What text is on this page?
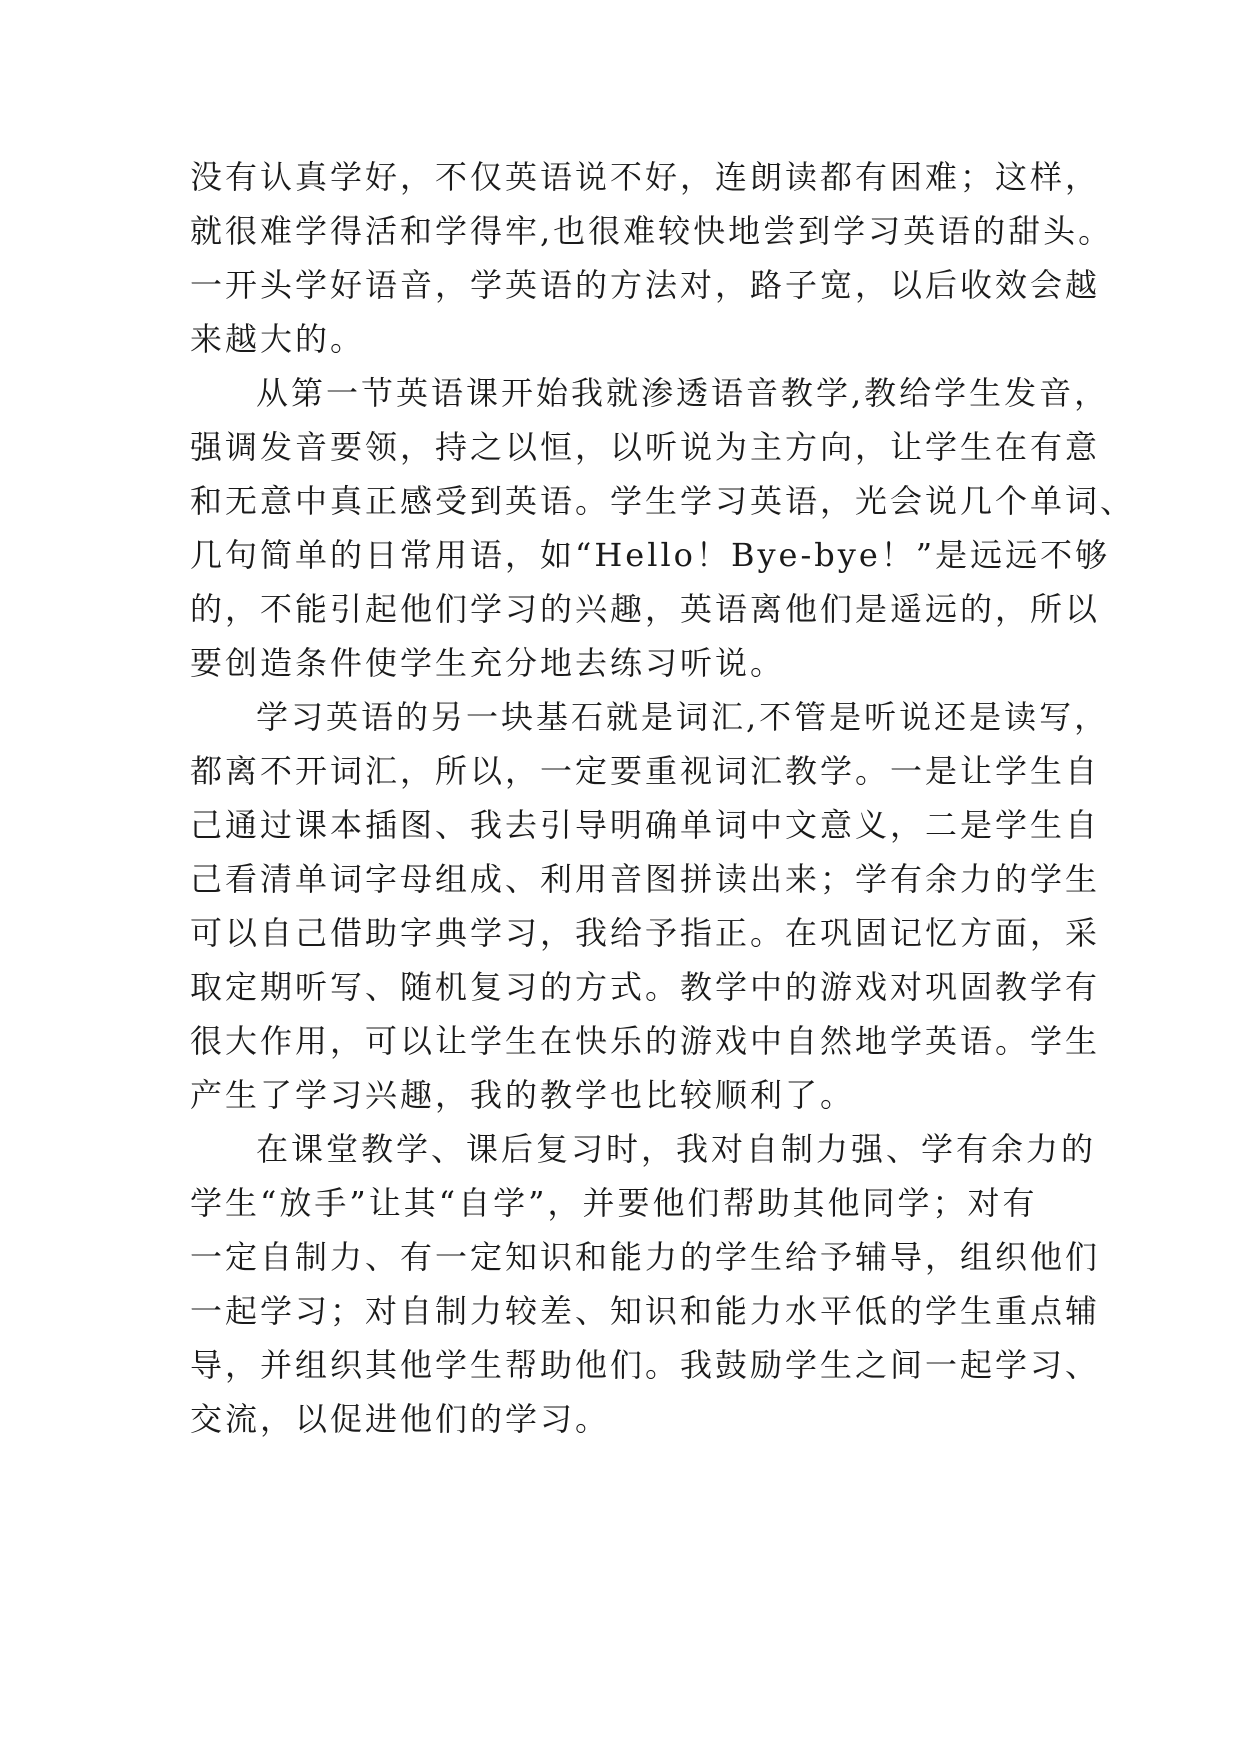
没有认真学好，不仅英语说不好，连朗读都有困难；这样，
就很难学得活和学得牢,也很难较快地尝到学习英语的甜头。
一开头学好语音，学英语的方法对，路子宽，以后收效会越
来越大的。
从第一节英语课开始我就渗透语音教学,教给学生发音，
强调发音要领，持之以恒，以听说为主方向，让学生在有意
和无意中真正感受到英语。学生学习英语，光会说几个单词、
几句简单的日常用语，如“Hello！Bye-bye！”是远远不够
的，不能引起他们学习的兴趣，英语离他们是遥远的，所以
要创造条件使学生充分地去练习听说。
学习英语的另一块基石就是词汇,不管是听说还是读写，
都离不开词汇，所以，一定要重视词汇教学。一是让学生自
己通过课本插图、我去引导明确单词中文意义，二是学生自
己看清单词字母组成、利用音图拼读出来；学有余力的学生
可以自己借助字典学习，我给予指正。在巩固记忆方面，采
取定期听写、随机复习的方式。教学中的游戏对巩固教学有
很大作用，可以让学生在快乐的游戏中自然地学英语。学生
产生了学习兴趣，我的教学也比较顺利了。
在课堂教学、课后复习时，我对自制力强、学有余力的
学生“放手”让其“自学”，并要他们帮助其他同学；对有
一定自制力、有一定知识和能力的学生给予辅导，组织他们
一起学习；对自制力较差、知识和能力水平低的学生重点辅
导，并组织其他学生帮助他们。我鼓励学生之间一起学习、
交流，以促进他们的学习。
